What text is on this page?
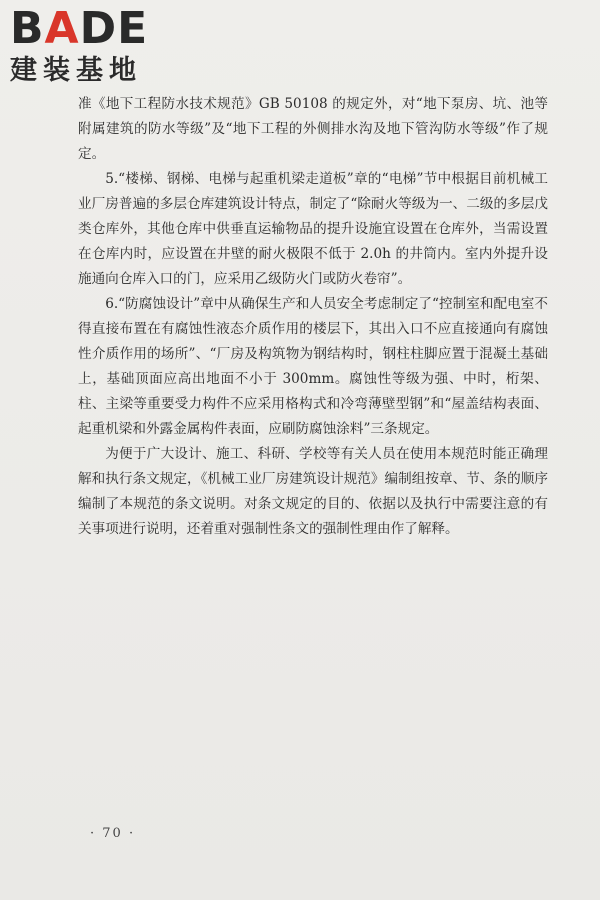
BADE
建装基地

准《地下工程防水技术规范》GB 50108 的规定外，对“地下泵房、坑、池等附属建筑的防水等级”及“地下工程的外侧排水沟及地下管沟防水等级”作了规定。

5.“楼梯、钢梯、电梯与起重机梁走道板”章的“电梯”节中根据目前机械工业厂房普遍的多层仓库建筑设计特点，制定了“除耐火等级为一、二级的多层戊类仓库外，其他仓库中供垂直运输物品的提升设施宜设置在仓库外，当需设置在仓库内时，应设置在井壁的耐火极限不低于 2.0h 的井筒内。室内外提升设施通向仓库入口的门，应采用乙级防火门或防火卷帘”。

6.“防腐蚀设计”章中从确保生产和人员安全考虑制定了“控制室和配电室不得直接布置在有腐蚀性液态介质作用的楼层下，其出入口不应直接通向有腐蚀性介质作用的场所”、“厂房及构筑物为钢结构时，钢柱柱脚应置于混凝土基础上，基础顶面应高出地面不小于 300mm。腐蚀性等级为强、中时，桁架、柱、主梁等重要受力构件不应采用格构式和冷弯薄壁型钢”和“屋盖结构表面、起重机梁和外露金属构件表面，应刷防腐蚀涂料”三条规定。

为便于广大设计、施工、科研、学校等有关人员在使用本规范时能正确理解和执行条文规定，《机械工业厂房建筑设计规范》编制组按章、节、条的顺序编制了本规范的条文说明。对条文规定的目的、依据以及执行中需要注意的有关事项进行说明，还着重对强制性条文的强制性理由作了解释。

· 70 ·
